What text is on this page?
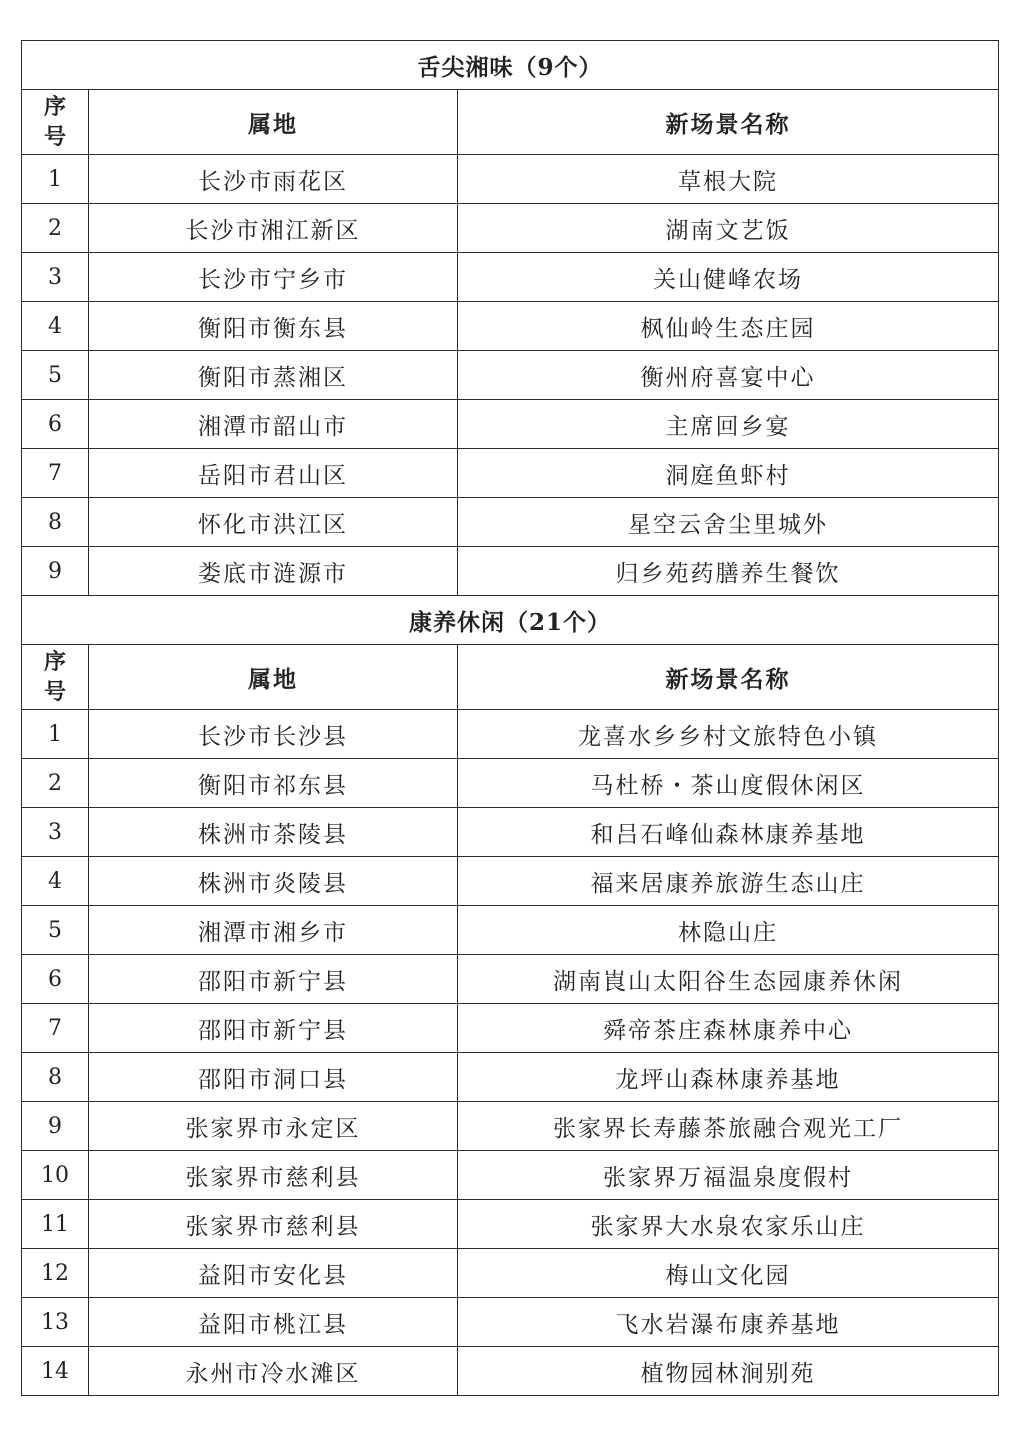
舌尖湘味（9个）		

序
号	属地	新场景名称
1	长沙市雨花区	草根大院
2	长沙市湘江新区	湖南文艺饭
3	长沙市宁乡市	关山健峰农场
4	衡阳市衡东县	枫仙岭生态庄园
5	衡阳市蒸湘区	衡州府喜宴中心
6	湘潭市韶山市	主席回乡宴
7	岳阳市君山区	洞庭鱼虾村
8	怀化市洪江区	星空云舍尘里城外
9	娄底市涟源市	归乡苑药膳养生餐饮
康养休闲（21个）		

序
号	属地	新场景名称
1	长沙市长沙县	龙喜水乡乡村文旅特色小镇
2	衡阳市祁东县	马杜桥・茶山度假休闲区
3	株洲市茶陵县	和吕石峰仙森林康养基地
4	株洲市炎陵县	福来居康养旅游生态山庄
5	湘潭市湘乡市	林隐山庄
6	邵阳市新宁县	湖南崀山太阳谷生态园康养休闲
7	邵阳市新宁县	舜帝茶庄森林康养中心
8	邵阳市洞口县	龙坪山森林康养基地
9	张家界市永定区	张家界长寿藤茶旅融合观光工厂
10	张家界市慈利县	张家界万福温泉度假村
11	张家界市慈利县	张家界大水泉农家乐山庄
12	益阳市安化县	梅山文化园
13	益阳市桃江县	飞水岩瀑布康养基地
14	永州市冷水滩区	植物园林涧别苑
